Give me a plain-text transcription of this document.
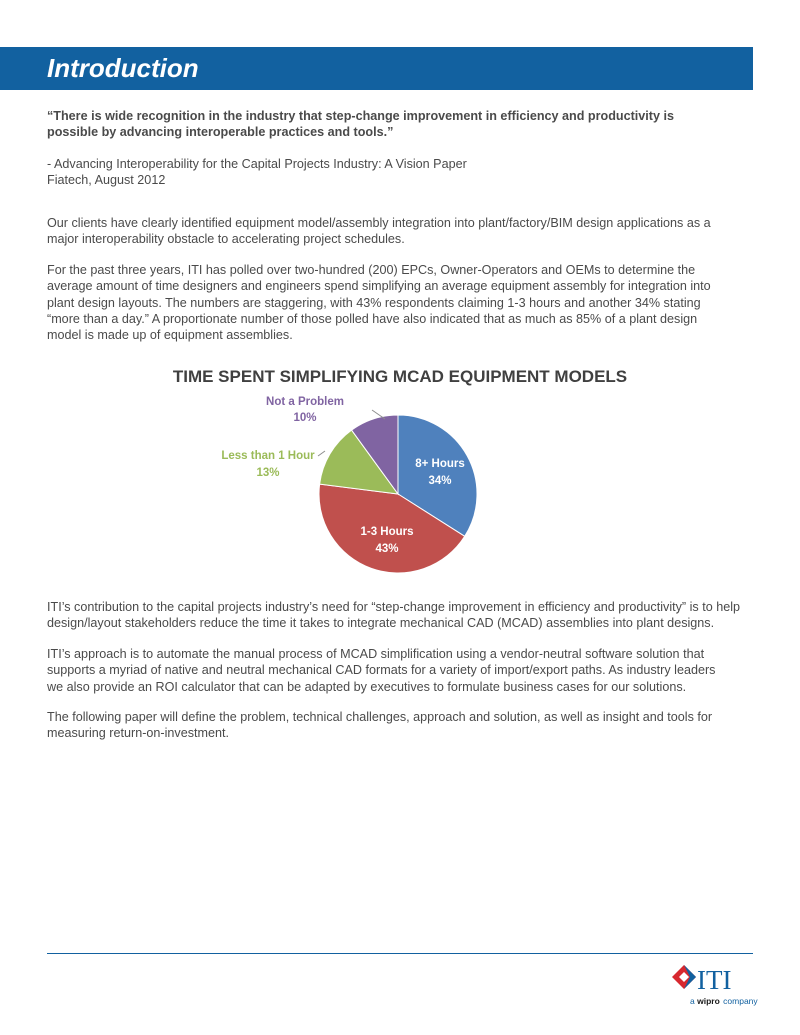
Introduction
“There is wide recognition in the industry that step-change improvement in efficiency and productivity is
possible by advancing interoperable practices and tools.”
- Advancing Interoperability for the Capital Projects Industry: A Vision Paper
Fiatech, August 2012
Our clients have clearly identified equipment model/assembly integration into plant/factory/BIM design applications as a
major interoperability obstacle to accelerating project schedules.
For the past three years, ITI has polled over two-hundred (200) EPCs, Owner-Operators and OEMs to determine the
average amount of time designers and engineers spend simplifying an average equipment assembly for integration into
plant design layouts. The numbers are staggering, with 43% respondents claiming 1-3 hours and another 34% stating
“more than a day.” A proportionate number of those polled have also indicated that as much as 85% of a plant design
model is made up of equipment assemblies.
TIME SPENT SIMPLIFYING MCAD EQUIPMENT MODELS
8+ Hours
34%
1-3 Hours
43%
Less than 1 Hour
13%
Not a Problem
10%
ITI’s contribution to the capital projects industry’s need for “step-change improvement in efficiency and productivity” is to help
design/layout stakeholders reduce the time it takes to integrate mechanical CAD (MCAD) assemblies into plant designs.
ITI’s approach is to automate the manual process of MCAD simplification using a vendor-neutral software solution that
supports a myriad of native and neutral mechanical CAD formats for a variety of import/export paths. As industry leaders
we also provide an ROI calculator that can be adapted by executives to formulate business cases for our solutions.
The following paper will define the problem, technical challenges, approach and solution, as well as insight and tools for
measuring return-on-investment.
ITI
a wipro company
